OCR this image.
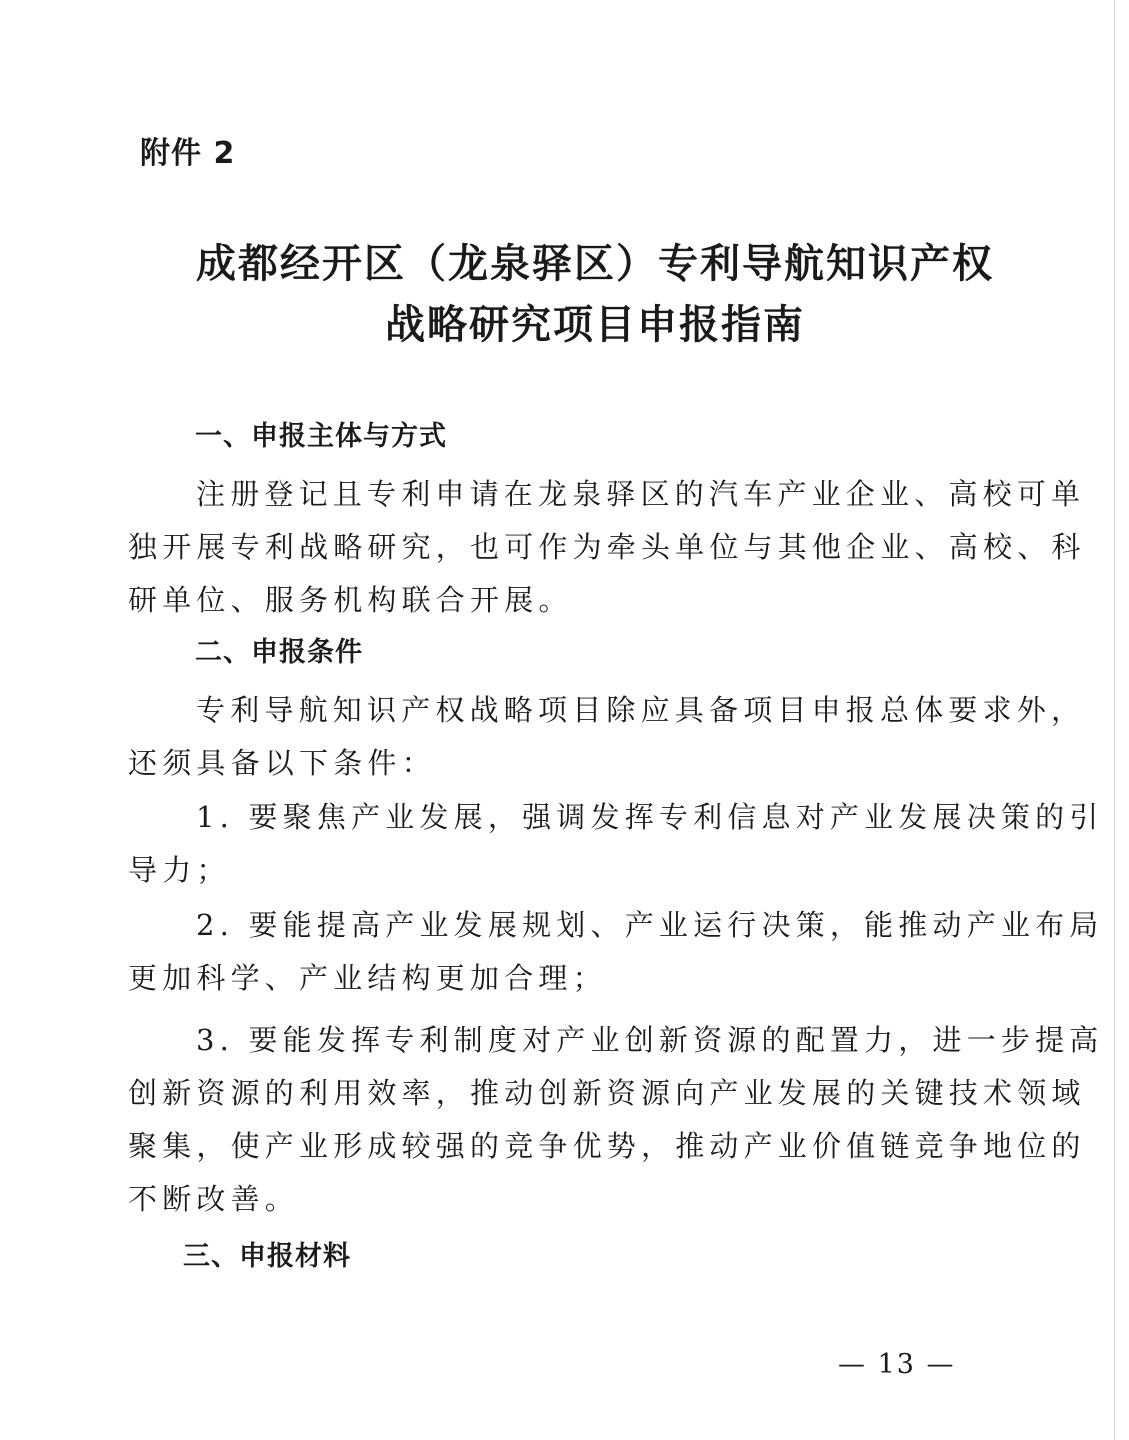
附件 2
成都经开区（龙泉驿区）专利导航知识产权
战略研究项目申报指南
一、申报主体与方式
注册登记且专利申请在龙泉驿区的汽车产业企业、高校可单
独开展专利战略研究，也可作为牵头单位与其他企业、高校、科
研单位、服务机构联合开展。
二、申报条件
专利导航知识产权战略项目除应具备项目申报总体要求外，
还须具备以下条件：
1. 要聚焦产业发展，强调发挥专利信息对产业发展决策的引
导力；
2. 要能提高产业发展规划、产业运行决策，能推动产业布局
更加科学、产业结构更加合理；
3. 要能发挥专利制度对产业创新资源的配置力，进一步提高
创新资源的利用效率，推动创新资源向产业发展的关键技术领域
聚集，使产业形成较强的竞争优势，推动产业价值链竞争地位的
不断改善。
三、申报材料
— 13 —
